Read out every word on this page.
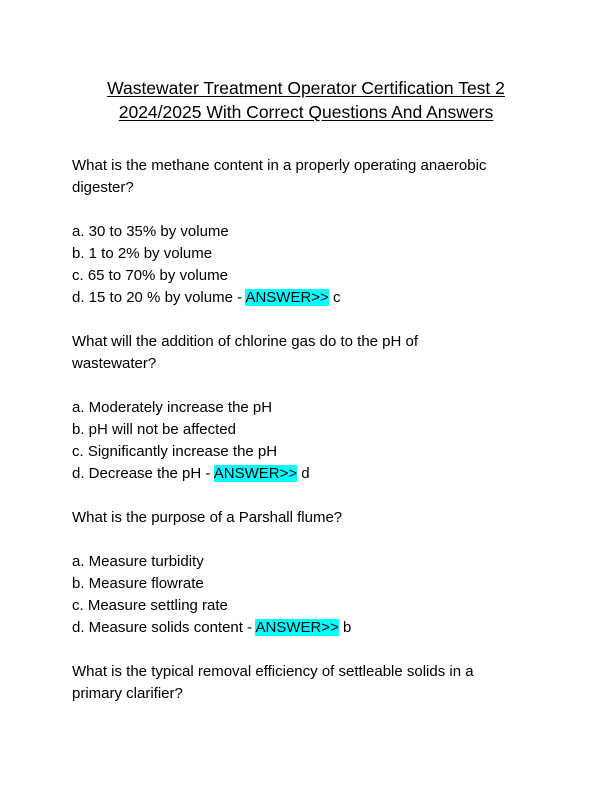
Wastewater Treatment Operator Certification Test 2
2024/2025 With Correct Questions And Answers
What is the methane content in a properly operating anaerobic
digester?
a. 30 to 35% by volume
b. 1 to 2% by volume
c. 65 to 70% by volume
d. 15 to 20 % by volume - ANSWER>> c
What will the addition of chlorine gas do to the pH of
wastewater?
a. Moderately increase the pH
b. pH will not be affected
c. Significantly increase the pH
d. Decrease the pH - ANSWER>> d
What is the purpose of a Parshall flume?
a. Measure turbidity
b. Measure flowrate
c. Measure settling rate
d. Measure solids content - ANSWER>> b
What is the typical removal efficiency of settleable solids in a
primary clarifier?
